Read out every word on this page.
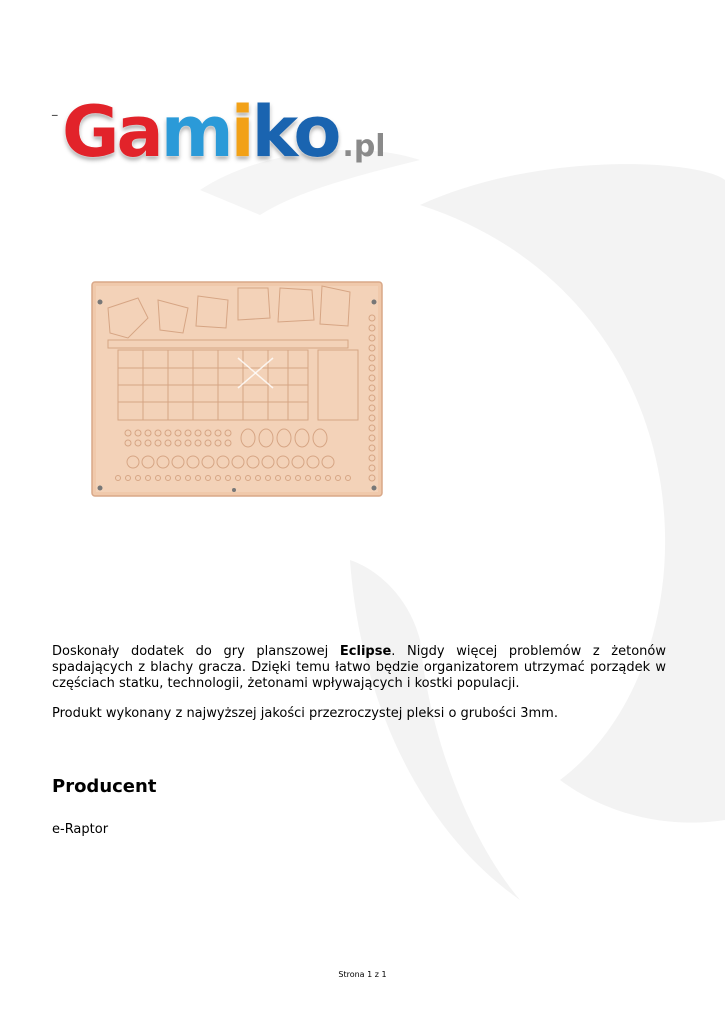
_ Gamiko .pl
Doskonały dodatek do gry planszowej Eclipse. Nigdy więcej problemów z żetonów spadających z blachy gracza. Dzięki temu łatwo będzie organizatorem utrzymać porządek w częściach statku, technologii, żetonami wpływających i kostki populacji.
Produkt wykonany z najwyższej jakości przezroczystej pleksi o grubości 3mm.
Producent
e-Raptor
Strona 1 z 1
